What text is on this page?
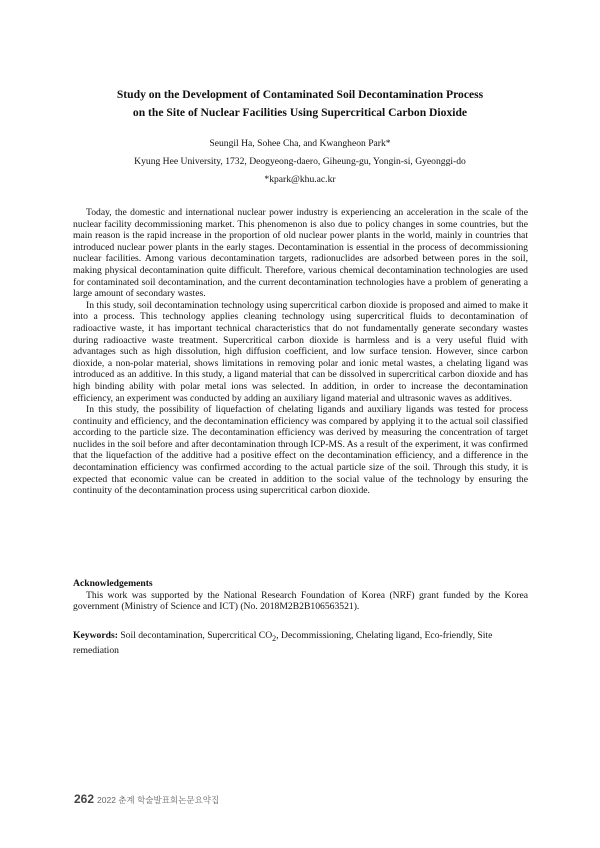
Study on the Development of Contaminated Soil Decontamination Process
on the Site of Nuclear Facilities Using Supercritical Carbon Dioxide
Seungil Ha, Sohee Cha, and Kwangheon Park*
Kyung Hee University, 1732, Deogyeong-daero, Giheung-gu, Yongin-si, Gyeonggi-do
*kpark@khu.ac.kr

Today, the domestic and international nuclear power industry is experiencing an acceleration in the scale of the nuclear facility decommissioning market. This phenomenon is also due to policy changes in some countries, but the main reason is the rapid increase in the proportion of old nuclear power plants in the world, mainly in countries that introduced nuclear power plants in the early stages. Decontamination is essential in the process of decommissioning nuclear facilities. Among various decontamination targets, radionuclides are adsorbed between pores in the soil, making physical decontamination quite difficult. Therefore, various chemical decontamination technologies are used for contaminated soil decontamination, and the current decontamination technologies have a problem of generating a large amount of secondary wastes.

In this study, soil decontamination technology using supercritical carbon dioxide is proposed and aimed to make it into a process. This technology applies cleaning technology using supercritical fluids to decontamination of radioactive waste, it has important technical characteristics that do not fundamentally generate secondary wastes during radioactive waste treatment. Supercritical carbon dioxide is harmless and is a very useful fluid with advantages such as high dissolution, high diffusion coefficient, and low surface tension. However, since carbon dioxide, a non-polar material, shows limitations in removing polar and ionic metal wastes, a chelating ligand was introduced as an additive. In this study, a ligand material that can be dissolved in supercritical carbon dioxide and has high binding ability with polar metal ions was selected. In addition, in order to increase the decontamination efficiency, an experiment was conducted by adding an auxiliary ligand material and ultrasonic waves as additives.

In this study, the possibility of liquefaction of chelating ligands and auxiliary ligands was tested for process continuity and efficiency, and the decontamination efficiency was compared by applying it to the actual soil classified according to the particle size. The decontamination efficiency was derived by measuring the concentration of target nuclides in the soil before and after decontamination through ICP-MS. As a result of the experiment, it was confirmed that the liquefaction of the additive had a positive effect on the decontamination efficiency, and a difference in the decontamination efficiency was confirmed according to the actual particle size of the soil. Through this study, it is expected that economic value can be created in addition to the social value of the technology by ensuring the continuity of the decontamination process using supercritical carbon dioxide.

Acknowledgements

This work was supported by the National Research Foundation of Korea (NRF) grant funded by the Korea government (Ministry of Science and ICT) (No. 2018M2B2B106563521).

Keywords: Soil decontamination, Supercritical $CO_2$, Decommissioning, Chelating ligand, Eco-friendly, Site remediation
262 2022 춘계 학술발표회논문요약집
